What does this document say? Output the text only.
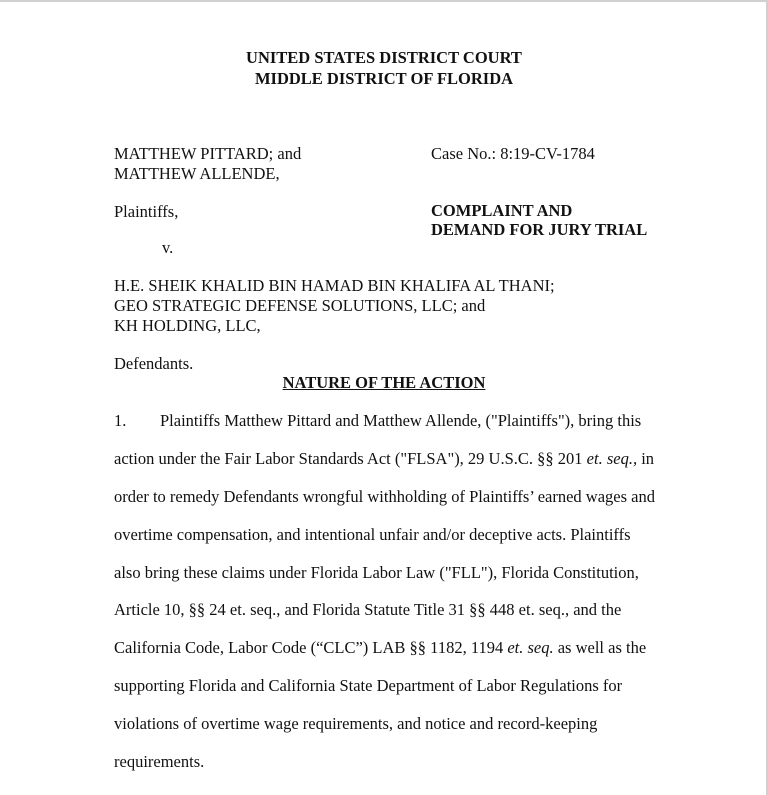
UNITED STATES DISTRICT COURT
MIDDLE DISTRICT OF FLORIDA
MATTHEW PITTARD; and
MATTHEW ALLENDE,
Case No.: 8:19-CV-1784
Plaintiffs,	COMPLAINT AND
DEMAND FOR JURY TRIAL
v.
H.E. SHEIK KHALID BIN HAMAD BIN KHALIFA AL THANI;
GEO STRATEGIC DEFENSE SOLUTIONS, LLC; and
KH HOLDING, LLC,
Defendants.
NATURE OF THE ACTION
1. Plaintiffs Matthew Pittard and Matthew Allende, ("Plaintiffs"), bring this
action under the Fair Labor Standards Act ("FLSA"), 29 U.S.C. §§ 201 et. seq., in
order to remedy Defendants wrongful withholding of Plaintiffs’ earned wages and
overtime compensation, and intentional unfair and/or deceptive acts. Plaintiffs
also bring these claims under Florida Labor Law ("FLL"), Florida Constitution,
Article 10, §§ 24 et. seq., and Florida Statute Title 31 §§ 448 et. seq., and the
California Code, Labor Code (“CLC”) LAB §§ 1182, 1194 et. seq. as well as the
supporting Florida and California State Department of Labor Regulations for
violations of overtime wage requirements, and notice and record-keeping
requirements.
